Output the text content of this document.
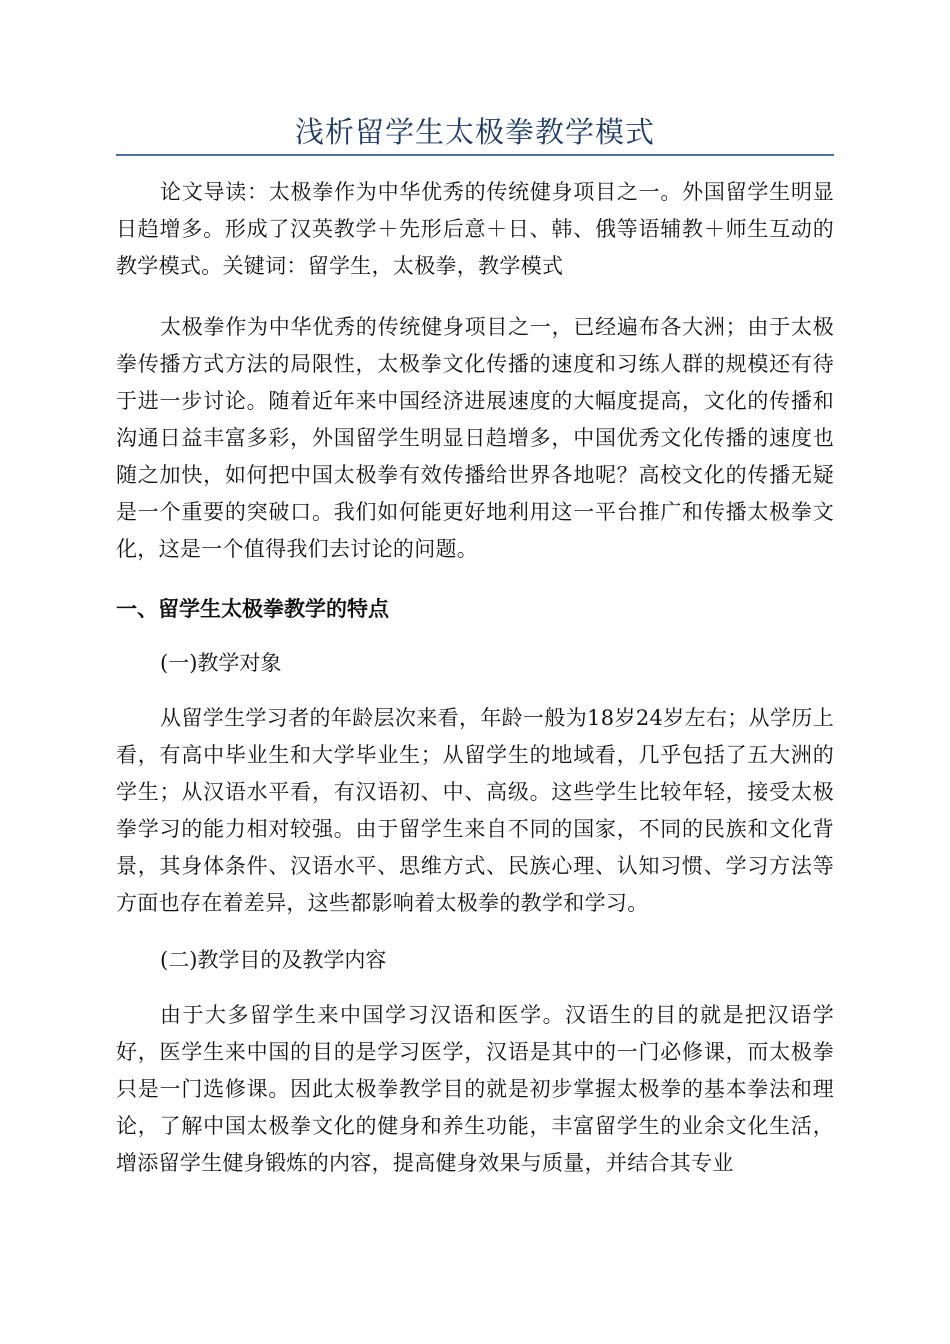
浅析留学生太极拳教学模式

论文导读：太极拳作为中华优秀的传统健身项目之一。外国留学生明显日趋增多。形成了汉英教学＋先形后意＋日、韩、俄等语辅教＋师生互动的教学模式。关键词：留学生，太极拳，教学模式

太极拳作为中华优秀的传统健身项目之一，已经遍布各大洲；由于太极拳传播方式方法的局限性，太极拳文化传播的速度和习练人群的规模还有待于进一步讨论。随着近年来中国经济进展速度的大幅度提高，文化的传播和沟通日益丰富多彩，外国留学生明显日趋增多，中国优秀文化传播的速度也随之加快，如何把中国太极拳有效传播给世界各地呢？高校文化的传播无疑是一个重要的突破口。我们如何能更好地利用这一平台推广和传播太极拳文化，这是一个值得我们去讨论的问题。

一、留学生太极拳教学的特点

(一)教学对象

从留学生学习者的年龄层次来看，年龄一般为18岁24岁左右；从学历上看，有高中毕业生和大学毕业生；从留学生的地域看，几乎包括了五大洲的学生；从汉语水平看，有汉语初、中、高级。这些学生比较年轻，接受太极拳学习的能力相对较强。由于留学生来自不同的国家，不同的民族和文化背景，其身体条件、汉语水平、思维方式、民族心理、认知习惯、学习方法等方面也存在着差异，这些都影响着太极拳的教学和学习。

(二)教学目的及教学内容

由于大多留学生来中国学习汉语和医学。汉语生的目的就是把汉语学好，医学生来中国的目的是学习医学，汉语是其中的一门必修课，而太极拳只是一门选修课。因此太极拳教学目的就是初步掌握太极拳的基本拳法和理论，了解中国太极拳文化的健身和养生功能，丰富留学生的业余文化生活，增添留学生健身锻炼的内容，提高健身效果与质量，并结合其专业
